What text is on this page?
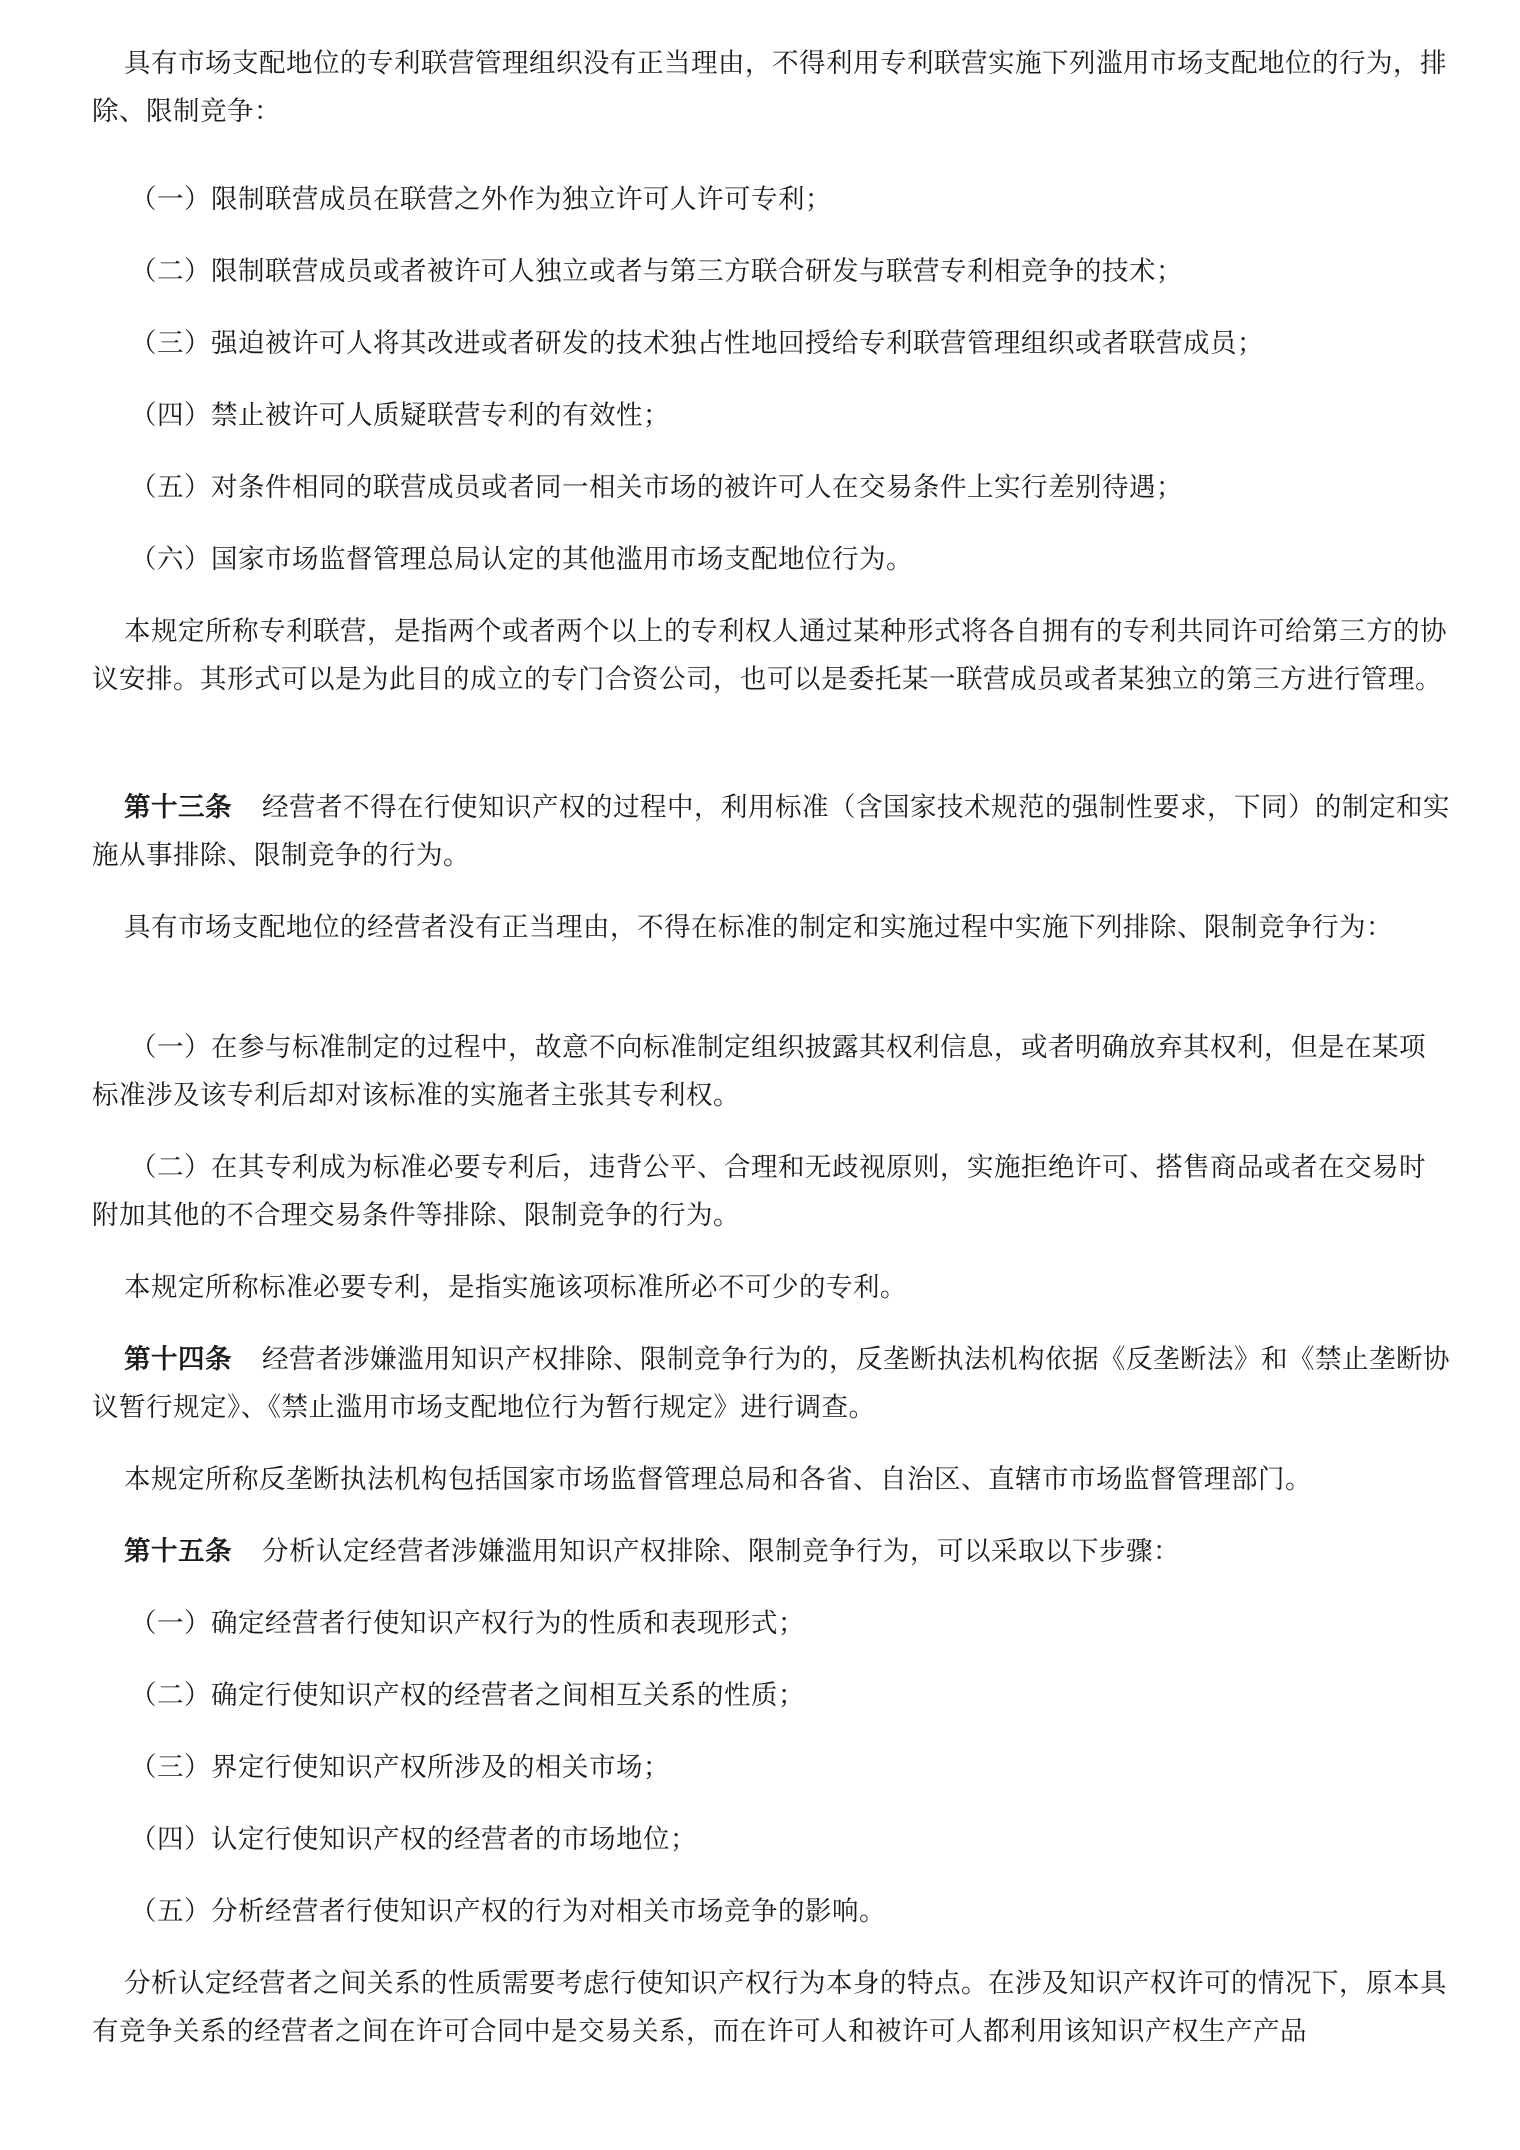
具有市场支配地位的专利联营管理组织没有正当理由，不得利用专利联营实施下列滥用市场支配地位的行为，排除、限制竞争：

（一）限制联营成员在联营之外作为独立许可人许可专利；

（二）限制联营成员或者被许可人独立或者与第三方联合研发与联营专利相竞争的技术；

（三）强迫被许可人将其改进或者研发的技术独占性地回授给专利联营管理组织或者联营成员；

（四）禁止被许可人质疑联营专利的有效性；

（五）对条件相同的联营成员或者同一相关市场的被许可人在交易条件上实行差别待遇；

（六）国家市场监督管理总局认定的其他滥用市场支配地位行为。

本规定所称专利联营，是指两个或者两个以上的专利权人通过某种形式将各自拥有的专利共同许可给第三方的协议安排。其形式可以是为此目的成立的专门合资公司，也可以是委托某一联营成员或者某独立的第三方进行管理。

第十三条 经营者不得在行使知识产权的过程中，利用标准（含国家技术规范的强制性要求，下同）的制定和实施从事排除、限制竞争的行为。

具有市场支配地位的经营者没有正当理由，不得在标准的制定和实施过程中实施下列排除、限制竞争行为：

（一）在参与标准制定的过程中，故意不向标准制定组织披露其权利信息，或者明确放弃其权利，但是在某项标准涉及该专利后却对该标准的实施者主张其专利权。

（二）在其专利成为标准必要专利后，违背公平、合理和无歧视原则，实施拒绝许可、搭售商品或者在交易时附加其他的不合理交易条件等排除、限制竞争的行为。

本规定所称标准必要专利，是指实施该项标准所必不可少的专利。

第十四条 经营者涉嫌滥用知识产权排除、限制竞争行为的，反垄断执法机构依据《反垄断法》和《禁止垄断协议暂行规定》、《禁止滥用市场支配地位行为暂行规定》进行调查。

本规定所称反垄断执法机构包括国家市场监督管理总局和各省、自治区、直辖市市场监督管理部门。

第十五条 分析认定经营者涉嫌滥用知识产权排除、限制竞争行为，可以采取以下步骤：

（一）确定经营者行使知识产权行为的性质和表现形式；

（二）确定行使知识产权的经营者之间相互关系的性质；

（三）界定行使知识产权所涉及的相关市场；

（四）认定行使知识产权的经营者的市场地位；

（五）分析经营者行使知识产权的行为对相关市场竞争的影响。

分析认定经营者之间关系的性质需要考虑行使知识产权行为本身的特点。在涉及知识产权许可的情况下，原本具有竞争关系的经营者之间在许可合同中是交易关系，而在许可人和被许可人都利用该知识产权生产产品
